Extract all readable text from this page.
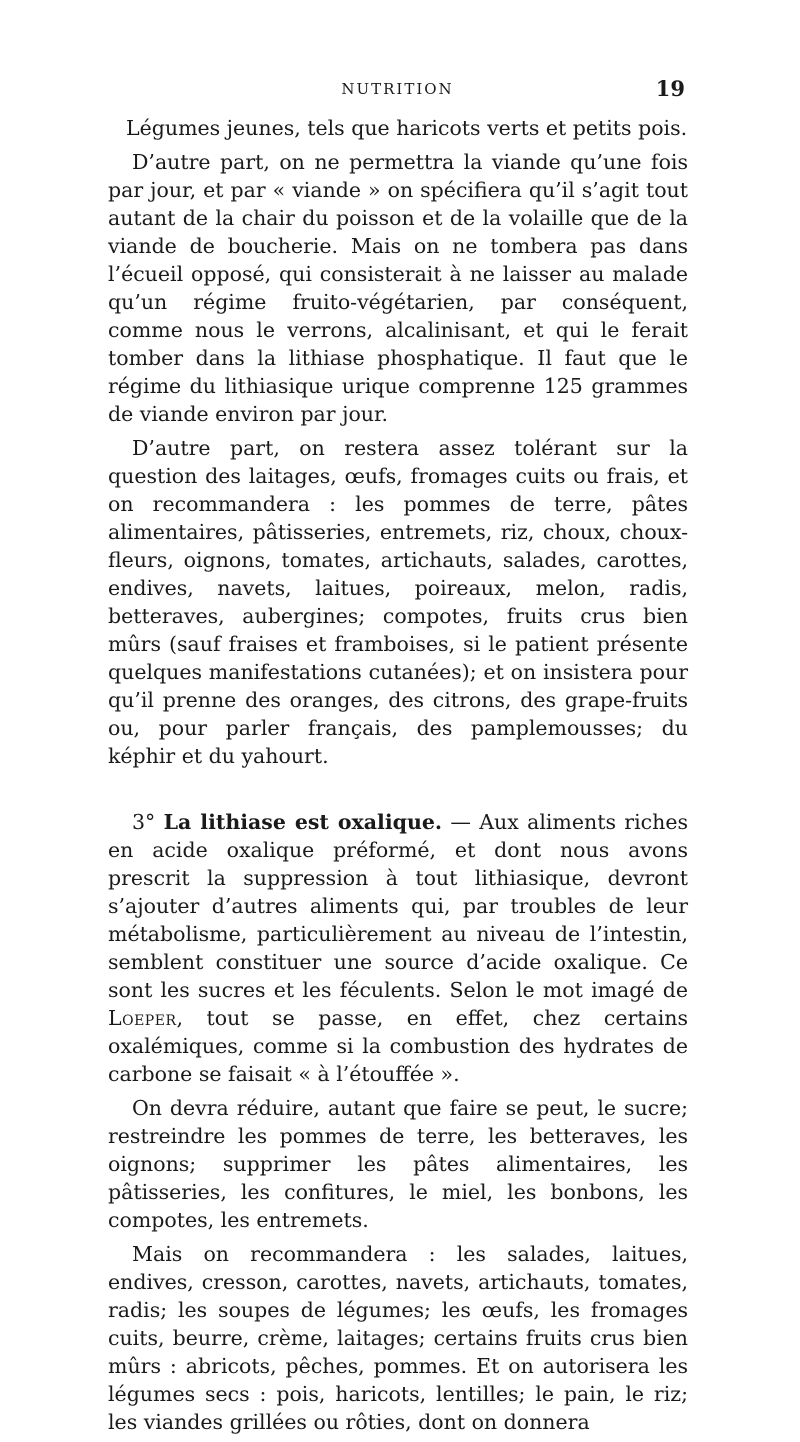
NUTRITION	19

Légumes jeunes, tels que haricots verts et petits pois.

D’autre part, on ne permettra la viande qu’une fois par jour, et par « viande » on spécifiera qu’il s’agit tout autant de la chair du poisson et de la volaille que de la viande de boucherie. Mais on ne tombera pas dans l’écueil opposé, qui consisterait à ne laisser au malade qu’un régime fruito-végétarien, par conséquent, comme nous le verrons, alcalinisant, et qui le ferait tomber dans la lithiase phosphatique. Il faut que le régime du lithiasique urique comprenne 125 grammes de viande environ par jour.

D’autre part, on restera assez tolérant sur la question des laitages, œufs, fromages cuits ou frais, et on recommandera : les pommes de terre, pâtes alimentaires, pâtisseries, entremets, riz, choux, choux-fleurs, oignons, tomates, artichauts, salades, carottes, endives, navets, laitues, poireaux, melon, radis, betteraves, aubergines; compotes, fruits crus bien mûrs (sauf fraises et framboises, si le patient présente quelques manifestations cutanées); et on insistera pour qu’il prenne des oranges, des citrons, des grape-fruits ou, pour parler français, des pamplemousses; du képhir et du yahourt.

3° La lithiase est oxalique. — Aux aliments riches en acide oxalique préformé, et dont nous avons prescrit la suppression à tout lithiasique, devront s’ajouter d’autres aliments qui, par troubles de leur métabolisme, particulièrement au niveau de l’intestin, semblent constituer une source d’acide oxalique. Ce sont les sucres et les féculents. Selon le mot imagé de Loeper, tout se passe, en effet, chez certains oxalémiques, comme si la combustion des hydrates de carbone se faisait « à l’étouffée ».

On devra réduire, autant que faire se peut, le sucre; restreindre les pommes de terre, les betteraves, les oignons; supprimer les pâtes alimentaires, les pâtisseries, les confitures, le miel, les bonbons, les compotes, les entremets.

Mais on recommandera : les salades, laitues, endives, cresson, carottes, navets, artichauts, tomates, radis; les soupes de légumes; les œufs, les fromages cuits, beurre, crème, laitages; certains fruits crus bien mûrs : abricots, pêches, pommes. Et on autorisera les légumes secs : pois, haricots, lentilles; le pain, le riz; les viandes grillées ou rôties, dont on donnera
